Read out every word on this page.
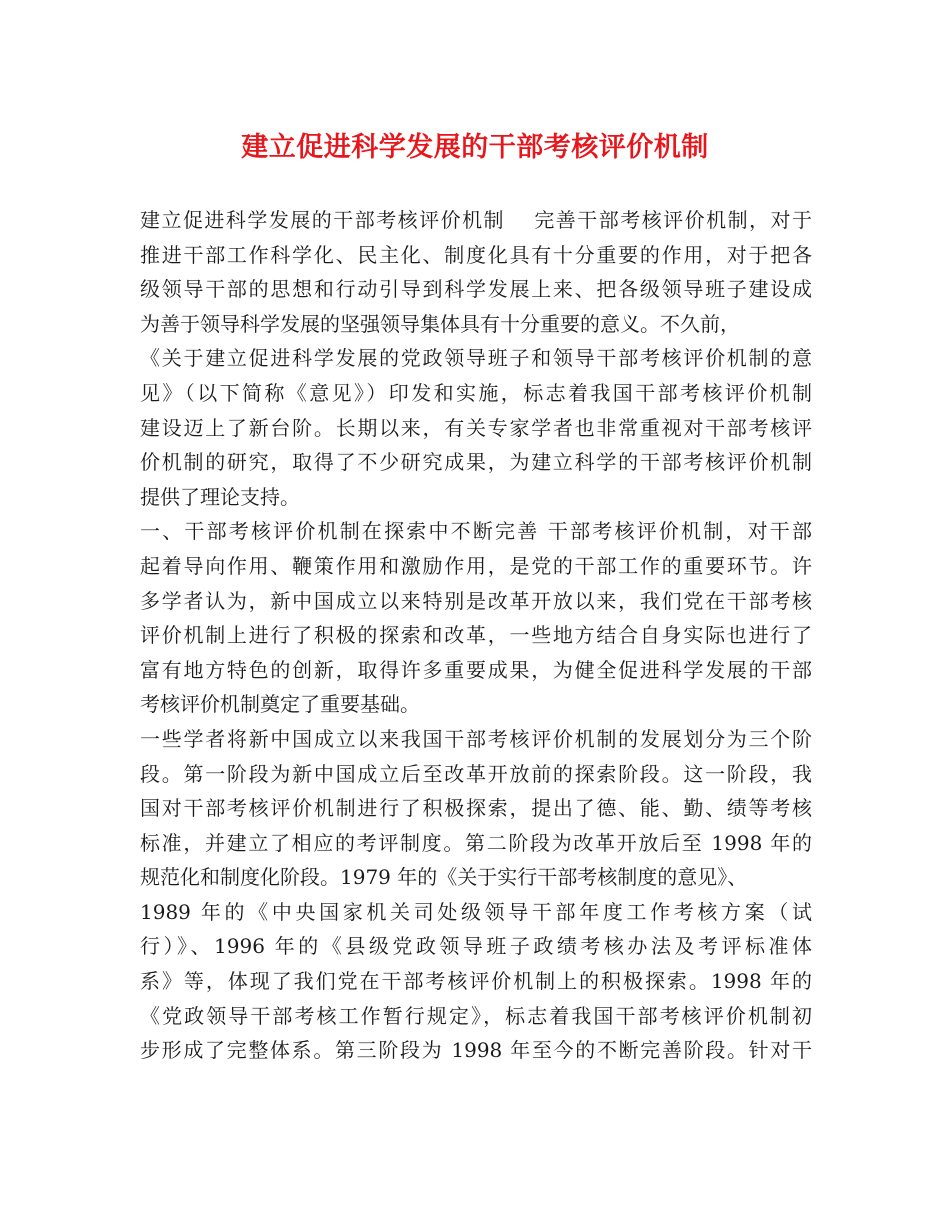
建立促进科学发展的干部考核评价机制
建立促进科学发展的干部考核评价机制　 完善干部考核评价机制，对于
推进干部工作科学化、民主化、制度化具有十分重要的作用，对于把各
级领导干部的思想和行动引导到科学发展上来、把各级领导班子建设成
为善于领导科学发展的坚强领导集体具有十分重要的意义。不久前，
《关于建立促进科学发展的党政领导班子和领导干部考核评价机制的意
见》（以下简称《意见》）印发和实施，标志着我国干部考核评价机制
建设迈上了新台阶。长期以来，有关专家学者也非常重视对干部考核评
价机制的研究，取得了不少研究成果，为建立科学的干部考核评价机制
提供了理论支持。
一、干部考核评价机制在探索中不断完善 干部考核评价机制，对干部
起着导向作用、鞭策作用和激励作用，是党的干部工作的重要环节。许
多学者认为，新中国成立以来特别是改革开放以来，我们党在干部考核
评价机制上进行了积极的探索和改革，一些地方结合自身实际也进行了
富有地方特色的创新，取得许多重要成果，为健全促进科学发展的干部
考核评价机制奠定了重要基础。
一些学者将新中国成立以来我国干部考核评价机制的发展划分为三个阶
段。第一阶段为新中国成立后至改革开放前的探索阶段。这一阶段，我
国对干部考核评价机制进行了积极探索，提出了德、能、勤、绩等考核
标准，并建立了相应的考评制度。第二阶段为改革开放后至 1998 年的
规范化和制度化阶段。1979 年的《关于实行干部考核制度的意见》、
1989 年的《中央国家机关司处级领导干部年度工作考核方案（试
行）》、1996 年的《县级党政领导班子政绩考核办法及考评标准体
系》等，体现了我们党在干部考核评价机制上的积极探索。1998 年的
《党政领导干部考核工作暂行规定》，标志着我国干部考核评价机制初
步形成了完整体系。第三阶段为 1998 年至今的不断完善阶段。针对干
